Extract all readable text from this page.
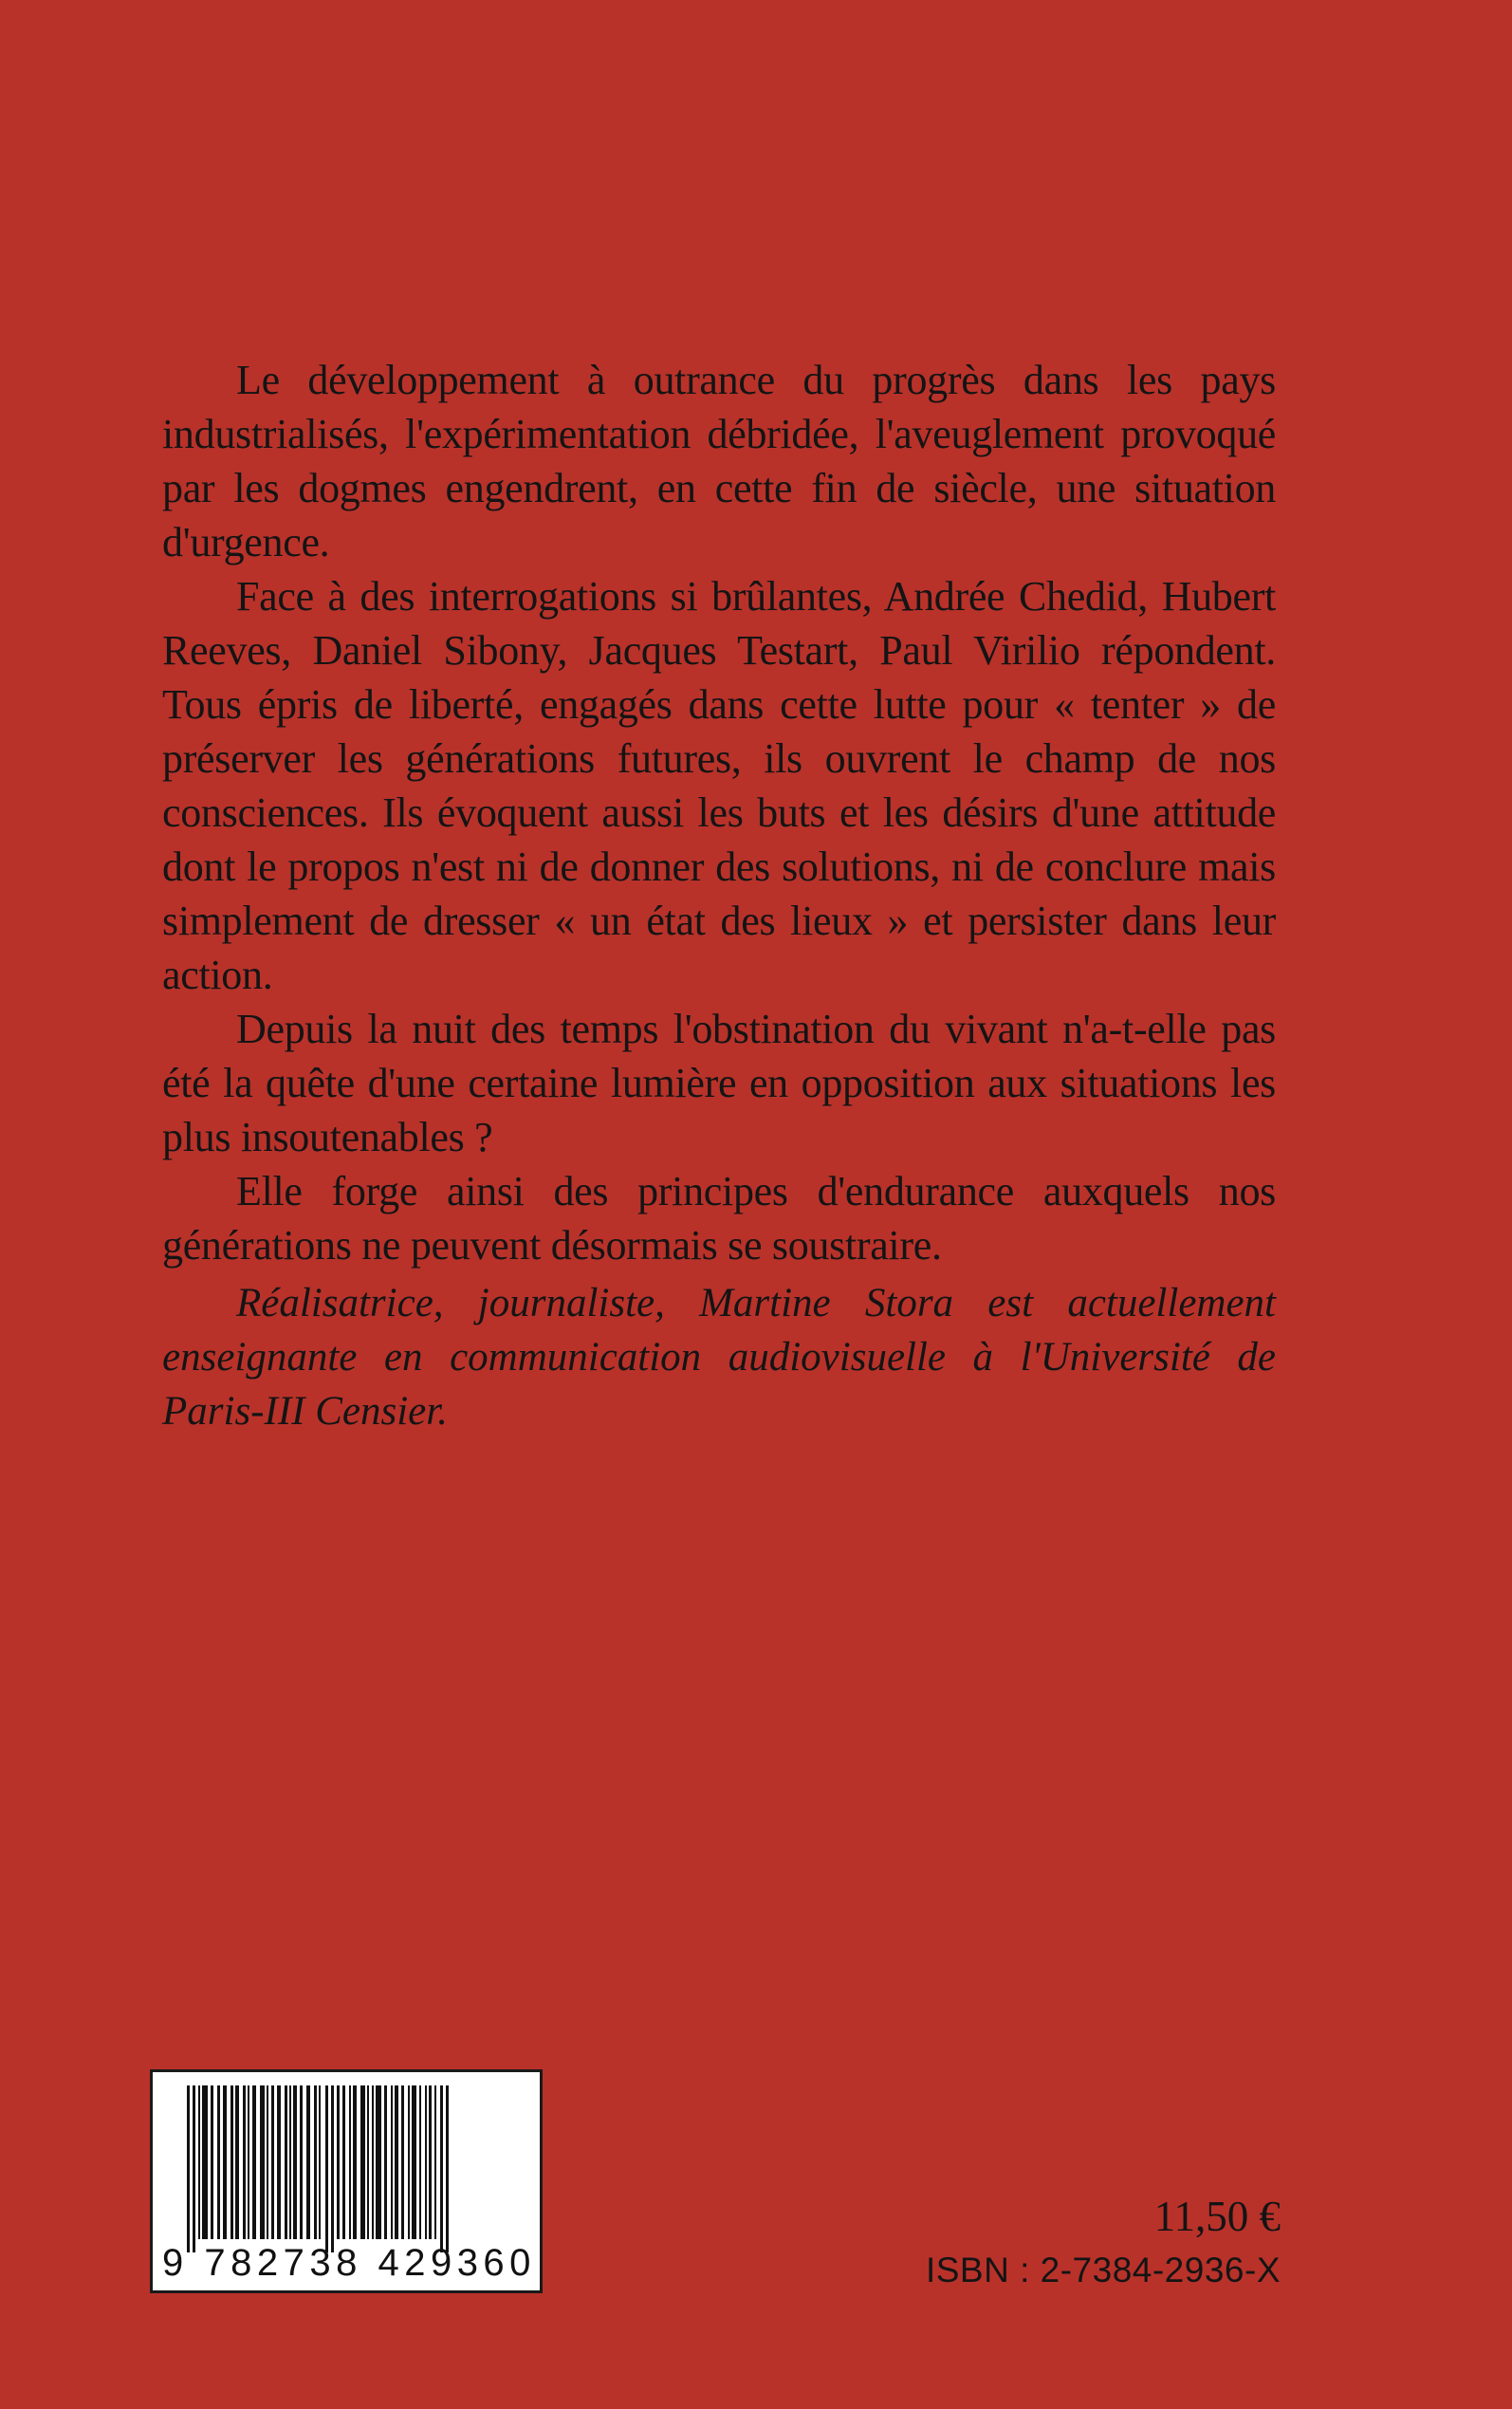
Le développement à outrance du progrès dans les pays industrialisés, l'expérimentation débridée, l'aveuglement provoqué par les dogmes engendrent, en cette fin de siècle, une situation d'urgence.

Face à des interrogations si brûlantes, Andrée Chedid, Hubert Reeves, Daniel Sibony, Jacques Testart, Paul Virilio répondent. Tous épris de liberté, engagés dans cette lutte pour « tenter » de préserver les générations futures, ils ouvrent le champ de nos consciences. Ils évoquent aussi les buts et les désirs d'une attitude dont le propos n'est ni de donner des solutions, ni de conclure mais simplement de dresser « un état des lieux » et persister dans leur action.

Depuis la nuit des temps l'obstination du vivant n'a-t-elle pas été la quête d'une certaine lumière en opposition aux situations les plus insoutenables ?

Elle forge ainsi des principes d'endurance auxquels nos générations ne peuvent désormais se soustraire.

Réalisatrice, journaliste, Martine Stora est actuellement enseignante en communication audiovisuelle à l'Université de Paris-III Censier.

9 782738 429360
11,50 €
ISBN : 2-7384-2936-X
